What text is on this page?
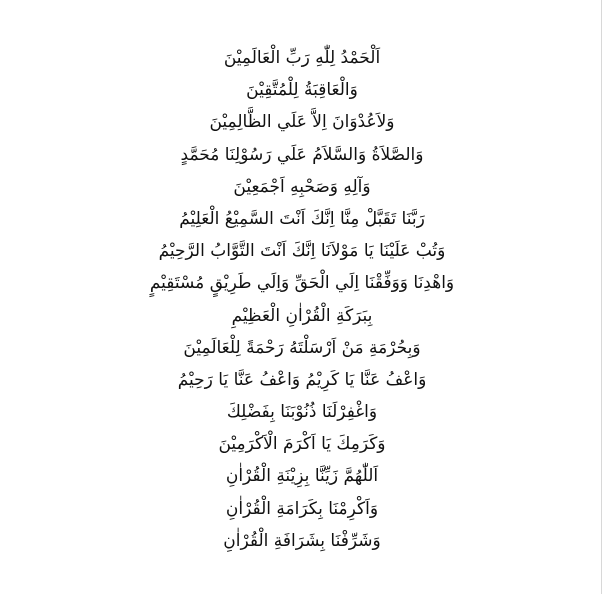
اَلْحَمْدُ لِلّٰهِ رَبِّ الْعَالَمِيْنَ
وَالْعَاقِبَةُ لِلْمُتَّقِيْنَ
وَلاَعُدْوَانَ اِلاَّ عَلَي الظَّالِمِيْنَ
وَالصَّلاَةُ وَالسَّلاَمُ عَلَي رَسُوْلِنَا مُحَمَّدٍ
وَآلِهِ وَصَحْبِهِ اَجْمَعِيْنَ
رَبَّنَا تَقَبَّلْ مِنَّا اِنَّكَ اَنْتَ السَّمِيْعُ الْعَلِيْمُ
وَتُبْ عَلَيْنَا يَا مَوْلاَنَا اِنَّكَ اَنْتَ التَّوَّابُ الرَّحِيْمُ
وَاهْدِنَا وَوَفِّقْنَا اِلَي الْحَقِّ وَاِلَي طَرِيْقٍ مُسْتَقِيْمٍ
بِبَرَكَةِ الْقُرْاٰنِ الْعَظِيْمِ
وَبِحُرْمَةِ مَنْ اَرْسَلْتَهُ رَحْمَةً لِلْعَالَمِيْنَ
وَاعْفُ عَنَّا يَا كَرِيْمُ وَاعْفُ عَنَّا يَا رَحِيْمُ
وَاغْفِرْلَنَا ذُنُوْبَنَا بِفَضْلِكَ
وَكَرَمِكَ يَا اَكْرَمَ الْاَكْرَمِيْنَ
اَللّٰهُمَّ زَيِّنَّا بِزِيْنَةِ الْقُرْاٰنِ
وَاَكْرِمْنَا بِكَرَامَةِ الْقُرْاٰنِ
وَشَرِّفْنَا بِشَرَافَةِ الْقُرْاٰنِ
